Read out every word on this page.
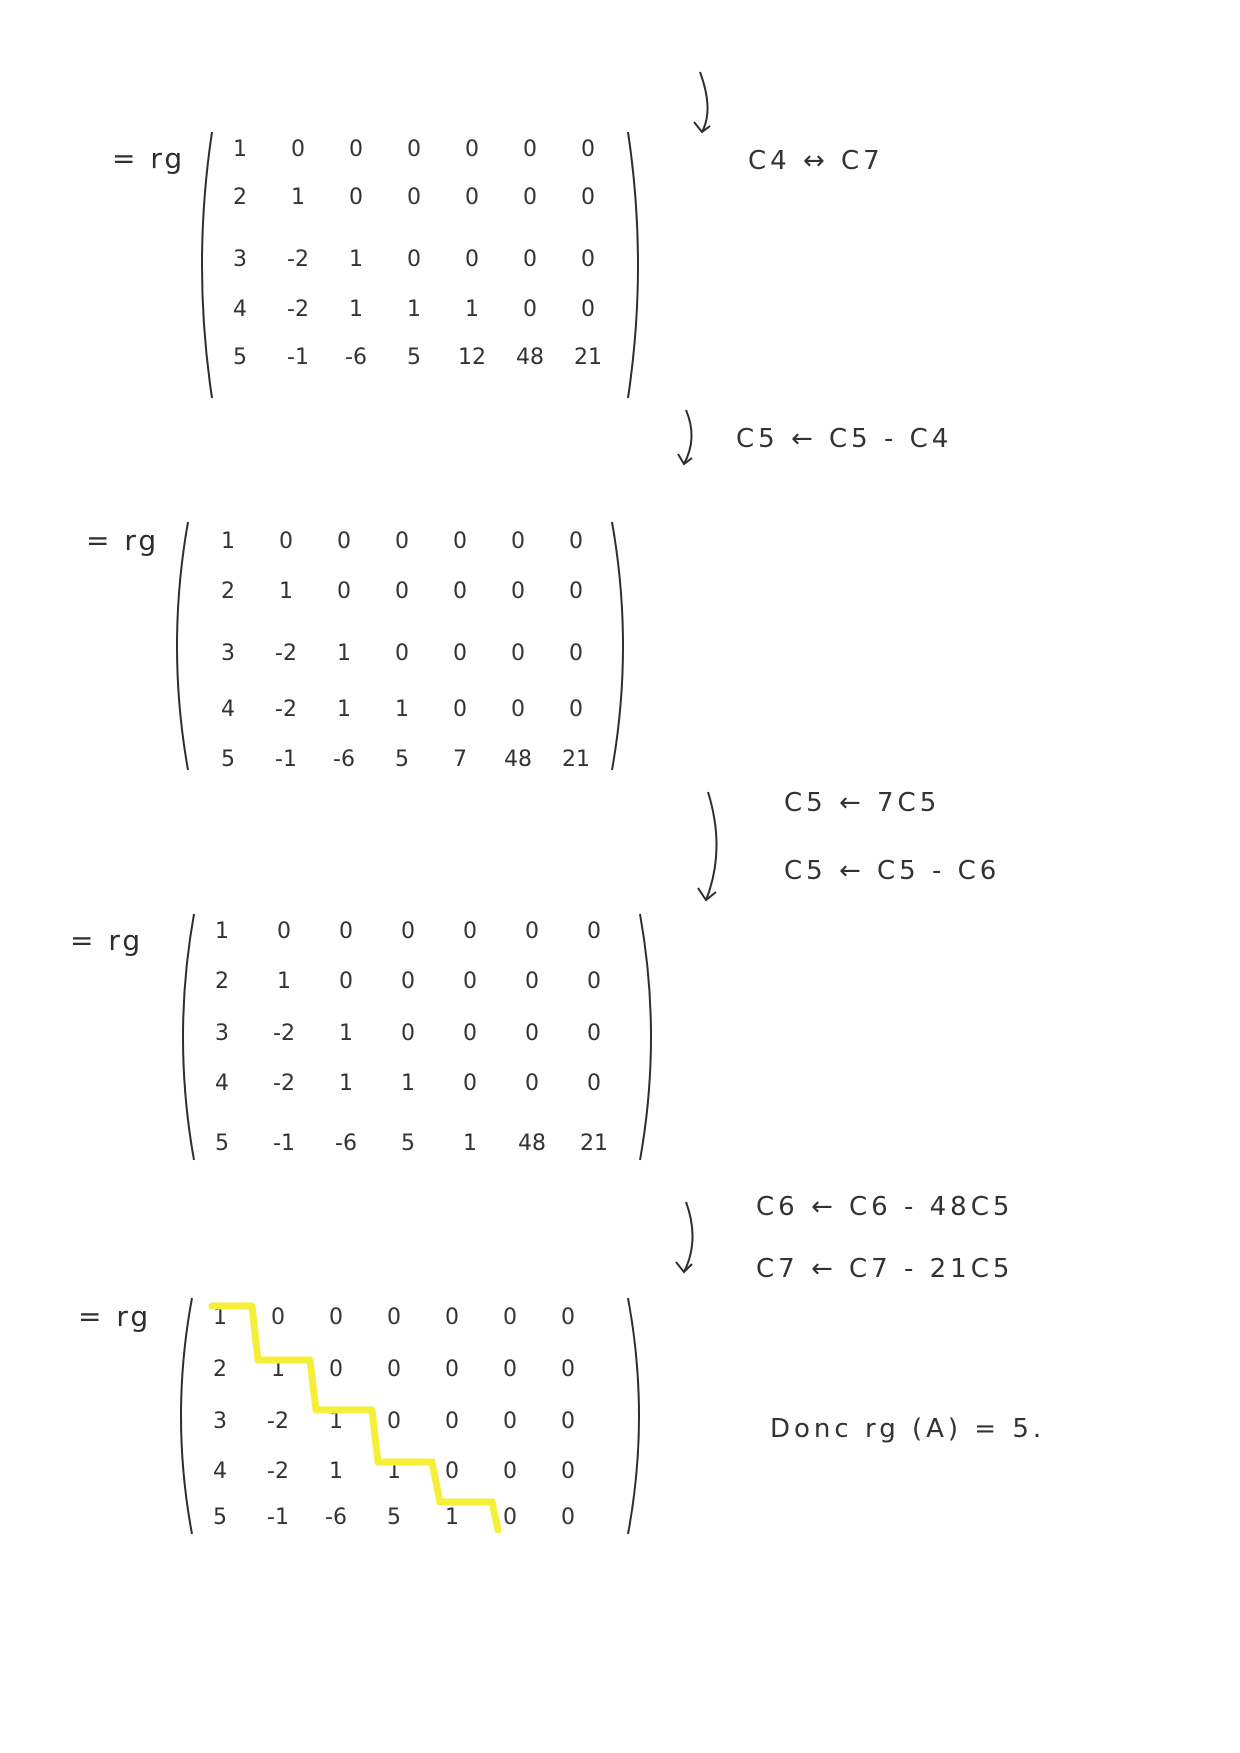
= rg	1	0	0	0	0	0	0
2	1	0	0	0	0	0
3	-2	1	0	0	0	0
4	-2	1	1	1	0	0
5	-1	-6	5	12	48	21
C4 ↔ C7
C5 ← C5 - C4
= rg	1	0	0	0	0	0	0
2	1	0	0	0	0	0
3	-2	1	0	0	0	0
4	-2	1	1	0	0	0
5	-1	-6	5	7	48	21
C5 ← 7C5
C5 ← C5 - C6
= rg	1	0	0	0	0	0	0
2	1	0	0	0	0	0
3	-2	1	0	0	0	0
4	-2	1	1	0	0	0
5	-1	-6	5	1	48	21
C6 ← C6 - 48C5
C7 ← C7 - 21C5
= rg	1	0	0	0	0	0	0
2	1	0	0	0	0	0
3	-2	1	0	0	0	0
4	-2	1	1	0	0	0
5	-1	-6	5	1	0	0
Donc rg (A) = 5.
